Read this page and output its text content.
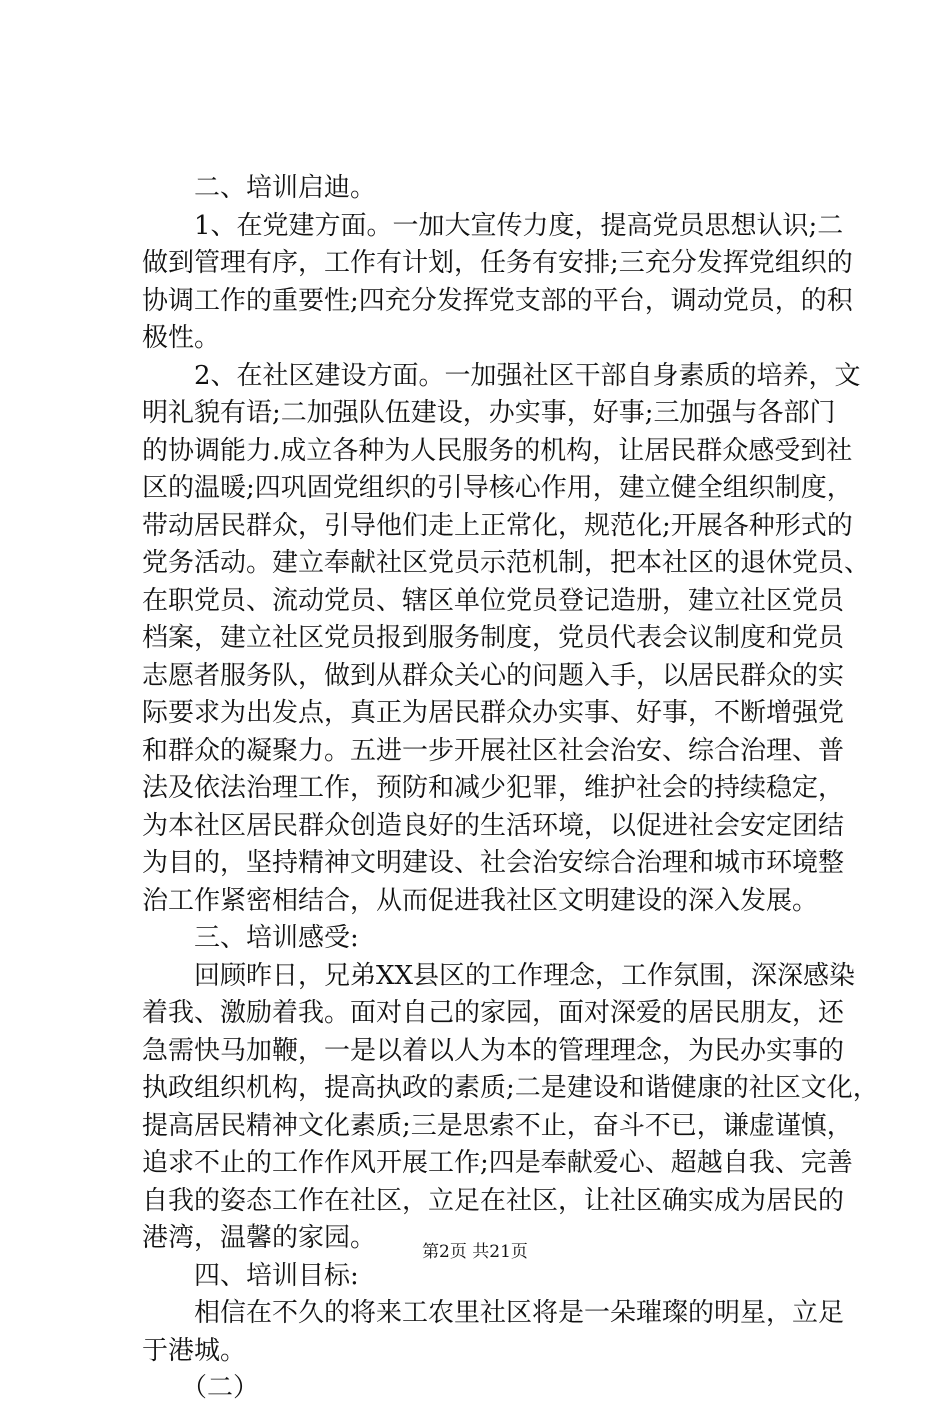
　　二、培训启迪。
　　1、在党建方面。一加大宣传力度，提高党员思想认识;二
做到管理有序，工作有计划，任务有安排;三充分发挥党组织的
协调工作的重要性;四充分发挥党支部的平台，调动党员，的积
极性。
　　2、在社区建设方面。一加强社区干部自身素质的培养，文
明礼貌有语;二加强队伍建设，办实事，好事;三加强与各部门
的协调能力.成立各种为人民服务的机构，让居民群众感受到社
区的温暖;四巩固党组织的引导核心作用，建立健全组织制度，
带动居民群众，引导他们走上正常化，规范化;开展各种形式的
党务活动。建立奉献社区党员示范机制，把本社区的退休党员、
在职党员、流动党员、辖区单位党员登记造册，建立社区党员
档案，建立社区党员报到服务制度，党员代表会议制度和党员
志愿者服务队，做到从群众关心的问题入手，以居民群众的实
际要求为出发点，真正为居民群众办实事、好事，不断增强党
和群众的凝聚力。五进一步开展社区社会治安、综合治理、普
法及依法治理工作，预防和减少犯罪，维护社会的持续稳定，
为本社区居民群众创造良好的生活环境，以促进社会安定团结
为目的，坚持精神文明建设、社会治安综合治理和城市环境整
治工作紧密相结合，从而促进我社区文明建设的深入发展。
　　三、培训感受:
　　回顾昨日，兄弟XX县区的工作理念，工作氛围，深深感染
着我、激励着我。面对自己的家园，面对深爱的居民朋友，还
急需快马加鞭，一是以着以人为本的管理理念，为民办实事的
执政组织机构，提高执政的素质;二是建设和谐健康的社区文化，
提高居民精神文化素质;三是思索不止，奋斗不已，谦虚谨慎，
追求不止的工作作风开展工作;四是奉献爱心、超越自我、完善
自我的姿态工作在社区，立足在社区，让社区确实成为居民的
港湾，温馨的家园。
　　四、培训目标:
　　相信在不久的将来工农里社区将是一朵璀璨的明星，立足
于港城。
　　（二）
第2页 共21页
